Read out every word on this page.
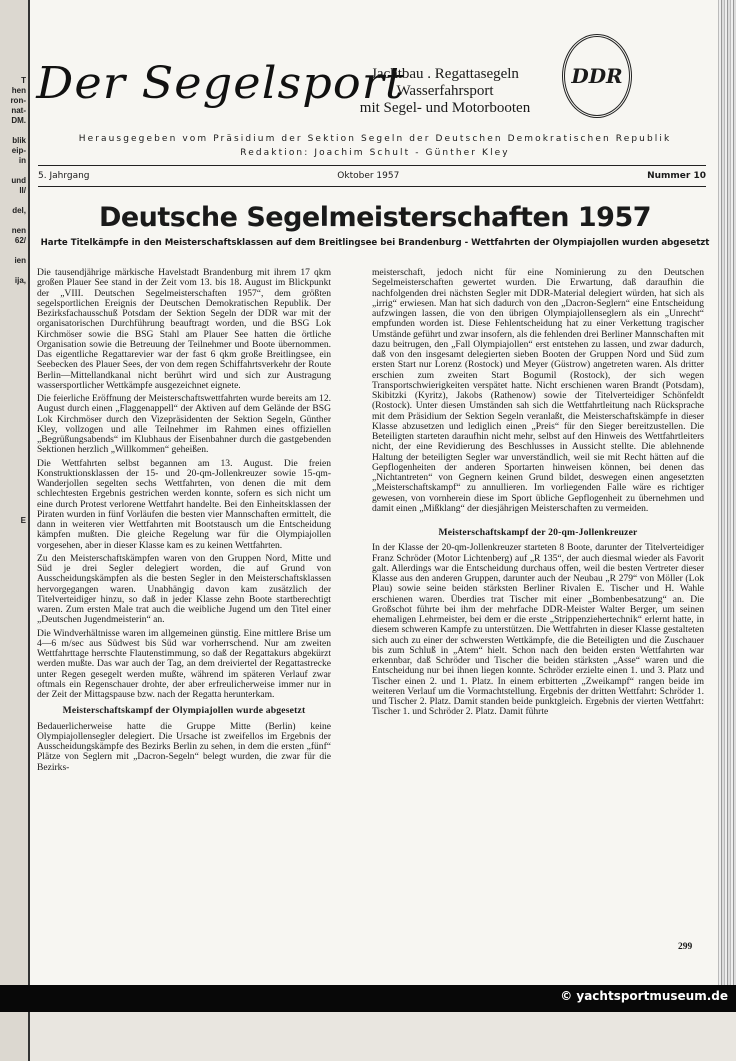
T
hen
ron-
nat-
DM.

blik
eip-
in

und
II/

del,

nen
62/

ien

ija,

E
Der Segelsport
Jachtbau . Regattasegeln
Wasserfahrsport
mit Segel- und Motorbooten
DDR
Herausgegeben vom Präsidium der Sektion Segeln der Deutschen Demokratischen Republik
Redaktion: Joachim Schult - Günther Kley
5. Jahrgang	Oktober 1957	Nummer 10
Deutsche Segelmeisterschaften 1957
Harte Titelkämpfe in den Meisterschaftsklassen auf dem Breitlingsee bei Brandenburg - Wettfahrten der Olympiajollen wurden abgesetzt

Die tausendjährige märkische Havelstadt Brandenburg mit ihrem 17 qkm großen Plauer See stand in der Zeit vom 13. bis 18. August im Blickpunkt der „VIII. Deutschen Segelmeisterschaften 1957“, dem größten segelsportlichen Ereignis der Deutschen Demokratischen Republik. Der Bezirksfachausschuß Potsdam der Sektion Segeln der DDR war mit der organisatorischen Durchführung beauftragt worden, und die BSG Lok Kirchmöser sowie die BSG Stahl am Plauer See hatten die örtliche Organisation sowie die Betreuung der Teilnehmer und Boote übernommen. Das eigentliche Regattarevier war der fast 6 qkm große Breitlingsee, ein Seebecken des Plauer Sees, der von dem regen Schiffahrtsverkehr der Route Berlin—Mittellandkanal nicht berührt wird und sich zur Austragung wassersportlicher Wettkämpfe ausgezeichnet eignete.

Die feierliche Eröffnung der Meisterschaftswettfahrten wurde bereits am 12. August durch einen „Flaggenappell“ der Aktiven auf dem Gelände der BSG Lok Kirchmöser durch den Vizepräsidenten der Sektion Segeln, Günther Kley, vollzogen und alle Teilnehmer im Rahmen eines offiziellen „Begrüßungsabends“ im Klubhaus der Eisenbahner durch die gastgebenden Sektionen herzlich „Willkommen“ geheißen.

Die Wettfahrten selbst begannen am 13. August. Die freien Konstruktionsklassen der 15- und 20-qm-Jollenkreuzer sowie 15-qm-Wanderjollen segelten sechs Wettfahrten, von denen die mit dem schlechtesten Ergebnis gestrichen werden konnte, sofern es sich nicht um eine durch Protest verlorene Wettfahrt handelte. Bei den Einheitsklassen der Piraten wurden in fünf Vorläufen die besten vier Mannschaften ermittelt, die dann in weiteren vier Wettfahrten mit Bootstausch um die Entscheidung kämpfen mußten. Die gleiche Regelung war für die Olympiajollen vorgesehen, aber in dieser Klasse kam es zu keinen Wettfahrten.

Zu den Meisterschaftskämpfen waren von den Gruppen Nord, Mitte und Süd je drei Segler delegiert worden, die auf Grund von Ausscheidungskämpfen als die besten Segler in den Meisterschaftsklassen hervorgegangen waren. Unabhängig davon kam zusätzlich der Titelverteidiger hinzu, so daß in jeder Klasse zehn Boote startberechtigt waren. Zum ersten Male trat auch die weibliche Jugend um den Titel einer „Deutschen Jugendmeisterin“ an.

Die Windverhältnisse waren im allgemeinen günstig. Eine mittlere Brise um 4—6 m/sec aus Südwest bis Süd war vorherrschend. Nur am zweiten Wettfahrttage herrschte Flautenstimmung, so daß der Regattakurs abgekürzt werden mußte. Das war auch der Tag, an dem dreiviertel der Regattastrecke unter Regen gesegelt werden mußte, während im späteren Verlauf zwar oftmals ein Regenschauer drohte, der aber erfreulicherweise immer nur in der Zeit der Mittagspause bzw. nach der Regatta herunterkam.

Meisterschaftskampf der Olympiajollen wurde abgesetzt

Bedauerlicherweise hatte die Gruppe Mitte (Berlin) keine Olympiajollensegler delegiert. Die Ursache ist zweifellos im Ergebnis der Ausscheidungskämpfe des Bezirks Berlin zu sehen, in dem die ersten „fünf“ Plätze von Seglern mit „Dacron-Segeln“ belegt wurden, die zwar für die Bezirks-

meisterschaft, jedoch nicht für eine Nominierung zu den Deutschen Segelmeisterschaften gewertet wurden. Die Erwartung, daß daraufhin die nachfolgenden drei nächsten Segler mit DDR-Material delegiert würden, hat sich als „irrig“ erwiesen. Man hat sich dadurch von den „Dacron-Seglern“ eine Entscheidung aufzwingen lassen, die von den übrigen Olympiajollenseglern als ein „Unrecht“ empfunden worden ist. Diese Fehlentscheidung hat zu einer Verkettung tragischer Umstände geführt und zwar insofern, als die fehlenden drei Berliner Mannschaften mit dazu beitrugen, den „Fall Olympiajollen“ erst entstehen zu lassen, und zwar dadurch, daß von den insgesamt delegierten sieben Booten der Gruppen Nord und Süd zum ersten Start nur Lorenz (Rostock) und Meyer (Güstrow) angetreten waren. Als dritter erschien zum zweiten Start Bogumil (Rostock), der sich wegen Transportschwierigkeiten verspätet hatte. Nicht erschienen waren Brandt (Potsdam), Skibitzki (Kyritz), Jakobs (Rathenow) sowie der Titelverteidiger Schönfeldt (Rostock). Unter diesen Umständen sah sich die Wettfahrtleitung nach Rücksprache mit dem Präsidium der Sektion Segeln veranlaßt, die Meisterschaftskämpfe in dieser Klasse abzusetzen und lediglich einen „Preis“ für den Sieger bereitzustellen. Die Beteiligten starteten daraufhin nicht mehr, selbst auf den Hinweis des Wettfahrtleiters nicht, der eine Revidierung des Beschlusses in Aussicht stellte. Die ablehnende Haltung der beteiligten Segler war unverständlich, weil sie mit Recht hätten auf die Gepflogenheiten der anderen Sportarten hinweisen können, bei denen das „Nichtantreten“ von Gegnern keinen Grund bildet, deswegen einen angesetzten „Meisterschaftskampf“ zu annullieren. Im vorliegenden Falle wäre es richtiger gewesen, von vornherein diese im Sport übliche Gepflogenheit zu übernehmen und damit einen „Mißklang“ der diesjährigen Meisterschaften zu vermeiden.

Meisterschaftskampf der 20-qm-Jollenkreuzer

In der Klasse der 20-qm-Jollenkreuzer starteten 8 Boote, darunter der Titelverteidiger Franz Schröder (Motor Lichtenberg) auf „R 135“, der auch diesmal wieder als Favorit galt. Allerdings war die Entscheidung durchaus offen, weil die besten Vertreter dieser Klasse aus den anderen Gruppen, darunter auch der Neubau „R 279“ von Möller (Lok Plau) sowie seine beiden stärksten Berliner Rivalen E. Tischer und H. Wahle erschienen waren. Überdies trat Tischer mit einer „Bombenbesatzung“ an. Die Großschot führte bei ihm der mehrfache DDR-Meister Walter Berger, um seinen ehemaligen Lehrmeister, bei dem er die erste „Strippenziehertechnik“ erlernt hatte, in diesem schweren Kampfe zu unterstützen. Die Wettfahrten in dieser Klasse gestalteten sich auch zu einer der schwersten Wettkämpfe, die die Beteiligten und die Zuschauer bis zum Schluß in „Atem“ hielt. Schon nach den beiden ersten Wettfahrten war erkennbar, daß Schröder und Tischer die beiden stärksten „Asse“ waren und die Entscheidung nur bei ihnen liegen konnte. Schröder erzielte einen 1. und 3. Platz und Tischer einen 2. und 1. Platz. In einem erbitterten „Zweikampf“ rangen beide im weiteren Verlauf um die Vormachtstellung. Ergebnis der dritten Wettfahrt: Schröder 1. und Tischer 2. Platz. Damit standen beide punktgleich. Ergebnis der vierten Wettfahrt: Tischer 1. und Schröder 2. Platz. Damit führte

299
© yachtsportmuseum.de
